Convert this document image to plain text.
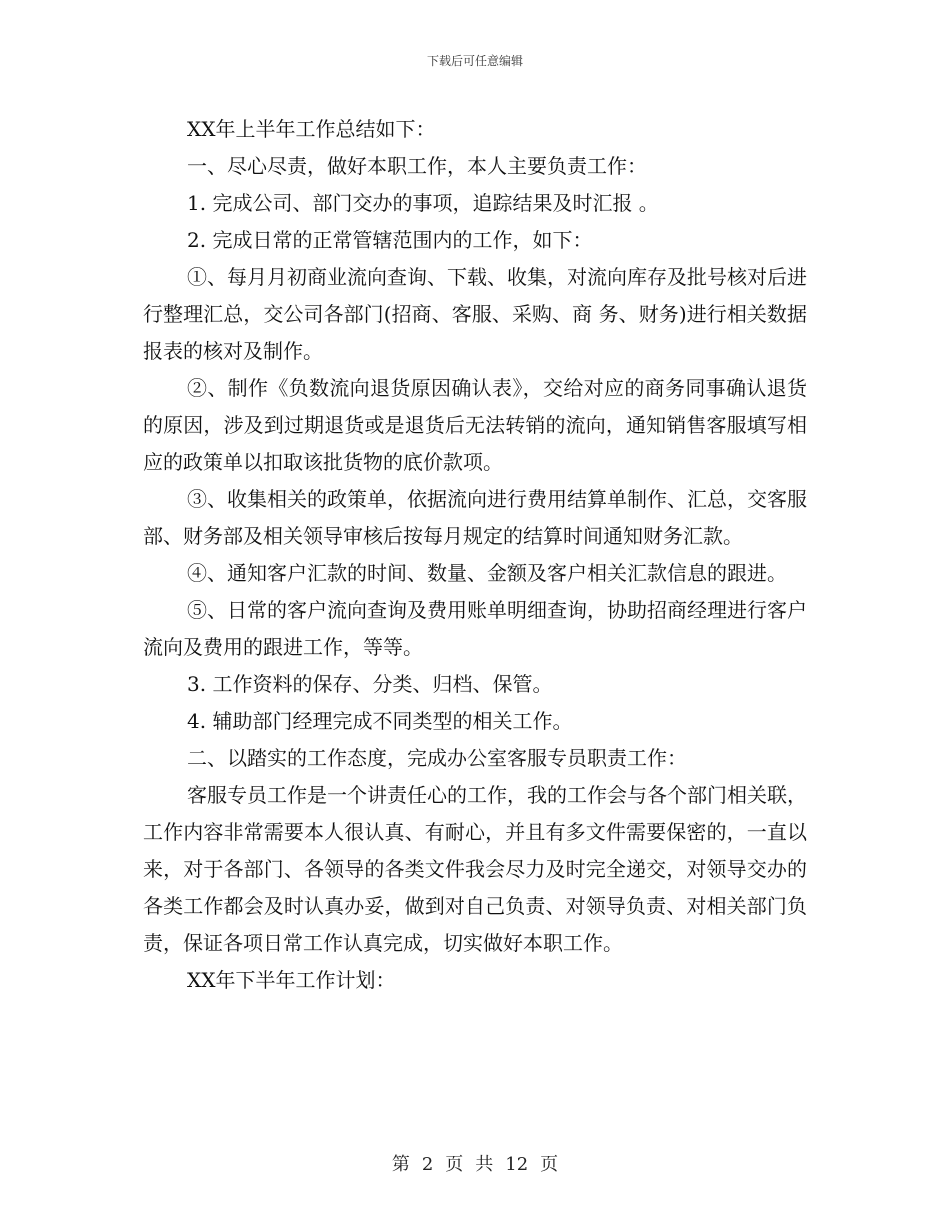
下载后可任意编辑

XX年上半年工作总结如下：

一、尽心尽责，做好本职工作，本人主要负责工作：

1. 完成公司、部门交办的事项，追踪结果及时汇报 。

2. 完成日常的正常管辖范围内的工作，如下：

①、每月月初商业流向查询、下载、收集，对流向库存及批号核对后进行整理汇总，交公司各部门(招商、客服、采购、商 务、财务)进行相关数据报表的核对及制作。

②、制作《负数流向退货原因确认表》，交给对应的商务同事确认退货的原因，涉及到过期退货或是退货后无法转销的流向，通知销售客服填写相应的政策单以扣取该批货物的底价款项。

③、收集相关的政策单，依据流向进行费用结算单制作、汇总，交客服部、财务部及相关领导审核后按每月规定的结算时间通知财务汇款。

④、通知客户汇款的时间、数量、金额及客户相关汇款信息的跟进。

⑤、日常的客户流向查询及费用账单明细查询，协助招商经理进行客户流向及费用的跟进工作，等等。

3. 工作资料的保存、分类、归档、保管。

4. 辅助部门经理完成不同类型的相关工作。

二、以踏实的工作态度，完成办公室客服专员职责工作：

客服专员工作是一个讲责任心的工作，我的工作会与各个部门相关联，工作内容非常需要本人很认真、有耐心，并且有多文件需要保密的，一直以来，对于各部门、各领导的各类文件我会尽力及时完全递交，对领导交办的各类工作都会及时认真办妥，做到对自己负责、对领导负责、对相关部门负责，保证各项日常工作认真完成，切实做好本职工作。

XX年下半年工作计划：

第 2 页 共 12 页
